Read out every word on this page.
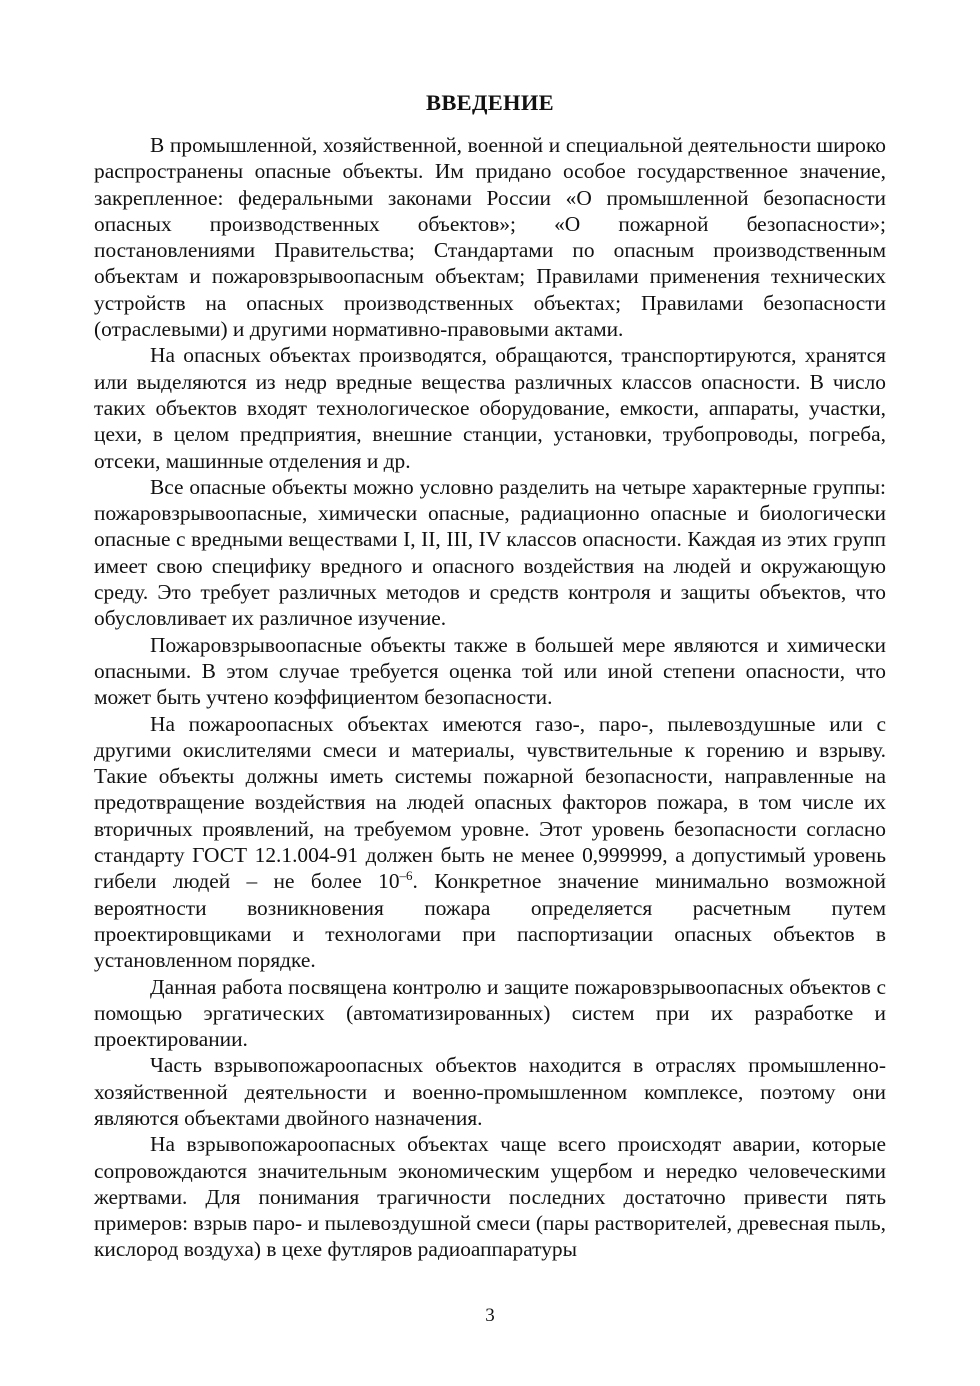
ВВЕДЕНИЕ

В промышленной, хозяйственной, военной и специальной деятельности широко распространены опасные объекты. Им придано особое государственное значение, закрепленное: федеральными законами России «О промышленной безопасности опасных производственных объектов»; «О пожарной безопасности»; постановлениями Правительства; Стандартами по опасным производственным объектам и пожаровзрывоопасным объектам; Правилами применения технических устройств на опасных производственных объектах; Правилами безопасности (отраслевыми) и другими нормативно-правовыми актами.

На опасных объектах производятся, обращаются, транспортируются, хранятся или выделяются из недр вредные вещества различных классов опасности. В число таких объектов входят технологическое оборудование, емкости, аппараты, участки, цехи, в целом предприятия, внешние станции, установки, трубопроводы, погреба, отсеки, машинные отделения и др.

Все опасные объекты можно условно разделить на четыре характерные группы: пожаровзрывоопасные, химически опасные, радиационно опасные и биологически опасные с вредными веществами I, II, III, IV классов опасности. Каждая из этих групп имеет свою специфику вредного и опасного воздействия на людей и окружающую среду. Это требует различных методов и средств контроля и защиты объектов, что обусловливает их различное изучение.

Пожаровзрывоопасные объекты также в большей мере являются и химически опасными. В этом случае требуется оценка той или иной степени опасности, что может быть учтено коэффициентом безопасности.

На пожароопасных объектах имеются газо-, паро-, пылевоздушные или с другими окислителями смеси и материалы, чувствительные к горению и взрыву. Такие объекты должны иметь системы пожарной безопасности, направленные на предотвращение воздействия на людей опасных факторов пожара, в том числе их вторичных проявлений, на требуемом уровне. Этот уровень безопасности согласно стандарту ГОСТ 12.1.004-91 должен быть не менее 0,999999, а допустимый уровень гибели людей – не более $10^{-6}$. Конкретное значение минимально возможной вероятности возникновения пожара определяется расчетным путем проектировщиками и технологами при паспортизации опасных объектов в установленном порядке.

Данная работа посвящена контролю и защите пожаровзрывоопасных объектов с помощью эргатических (автоматизированных) систем при их разработке и проектировании.

Часть взрывопожароопасных объектов находится в отраслях промышленно-хозяйственной деятельности и военно-промышленном комплексе, поэтому они являются объектами двойного назначения.

На взрывопожароопасных объектах чаще всего происходят аварии, которые сопровождаются значительным экономическим ущербом и нередко человеческими жертвами. Для понимания трагичности последних достаточно привести пять примеров: взрыв паро- и пылевоздушной смеси (пары растворителей, древесная пыль, кислород воздуха) в цехе футляров радиоаппаратуры

3
